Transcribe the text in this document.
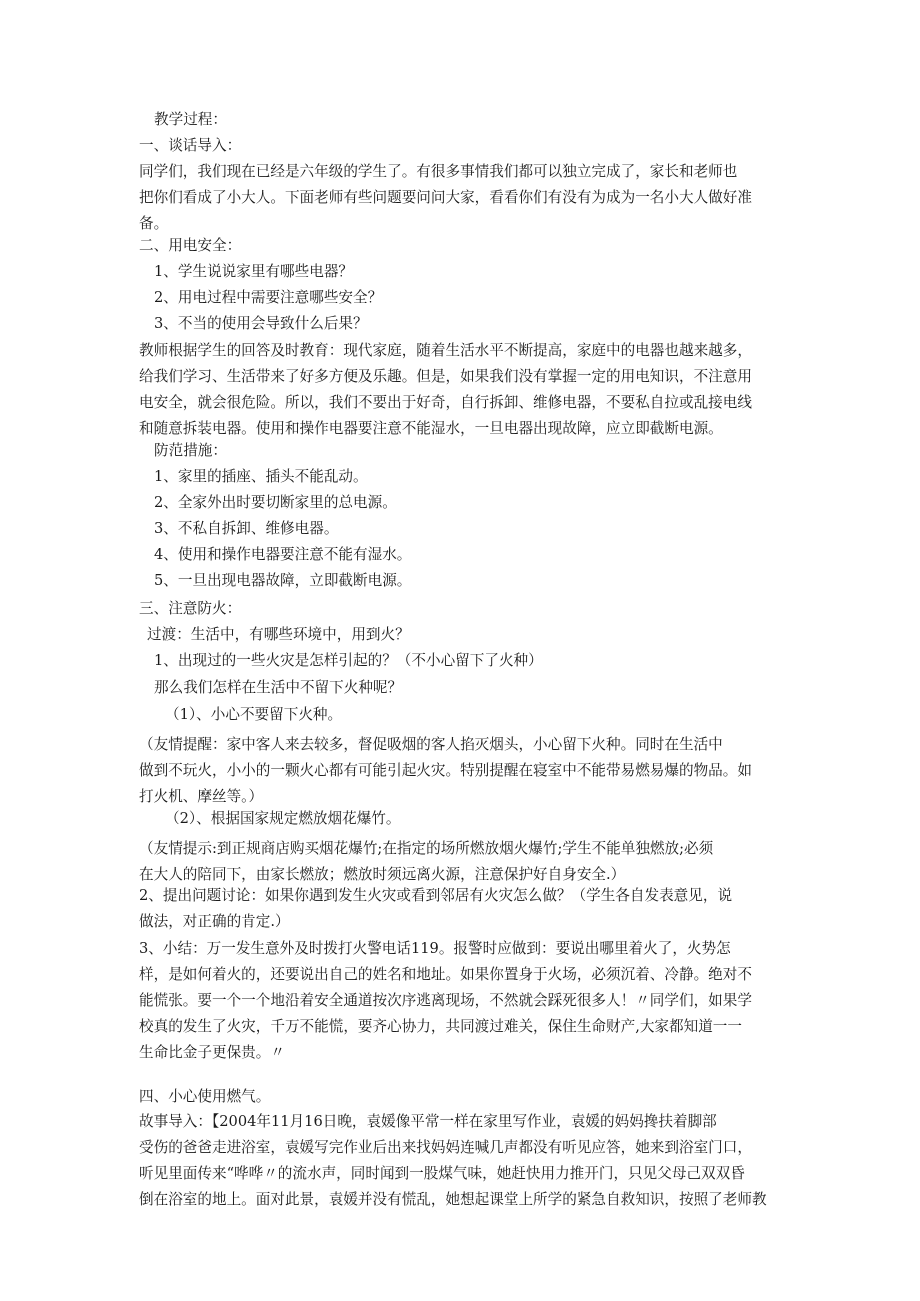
教学过程：
一、谈话导入：
同学们，我们现在已经是六年级的学生了。有很多事情我们都可以独立完成了，家长和老师也
把你们看成了小大人。下面老师有些问题要问问大家，看看你们有没有为成为一名小大人做好准
备。
二、用电安全：
1、学生说说家里有哪些电器？
2、用电过程中需要注意哪些安全？
3、不当的使用会导致什么后果？
教师根据学生的回答及时教育：现代家庭，随着生活水平不断提高，家庭中的电器也越来越多，
给我们学习、生活带来了好多方便及乐趣。但是，如果我们没有掌握一定的用电知识，不注意用
电安全，就会很危险。所以，我们不要出于好奇，自行拆卸、维修电器，不要私自拉或乱接电线
和随意拆装电器。使用和操作电器要注意不能湿水，一旦电器出现故障，应立即截断电源。
防范措施：
1、家里的插座、插头不能乱动。
2、全家外出时要切断家里的总电源。
3、不私自拆卸、维修电器。
4、使用和操作电器要注意不能有湿水。
5、一旦出现电器故障，立即截断电源。
三、注意防火：
过渡：生活中，有哪些环境中，用到火？
1、出现过的一些火灾是怎样引起的？（不小心留下了火种）
那么我们怎样在生活中不留下火种呢？
（1）、小心不要留下火种。
（友情提醒：家中客人来去较多，督促吸烟的客人掐灭烟头，小心留下火种。同时在生活中
做到不玩火，小小的一颗火心都有可能引起火灾。特别提醒在寝室中不能带易燃易爆的物品。如
打火机、摩丝等。）
（2）、根据国家规定燃放烟花爆竹。
（友情提示:到正规商店购买烟花爆竹;在指定的场所燃放烟火爆竹;学生不能单独燃放;必须
在大人的陪同下，由家长燃放；燃放时须远离火源，注意保护好自身安全.）
2、提出问题讨论：如果你遇到发生火灾或看到邻居有火灾怎么做？（学生各自发表意见，说
做法，对正确的肯定.）
3、小结：万一发生意外及时拨打火警电话119。报警时应做到：要说出哪里着火了，火势怎
样，是如何着火的，还要说出自己的姓名和地址。如果你置身于火场，必须沉着、冷静。绝对不
能慌张。要一个一个地沿着安全通道按次序逃离现场，不然就会踩死很多人！〃同学们，如果学
校真的发生了火灾，千万不能慌，要齐心协力，共同渡过难关，保住生命财产,大家都知道一一
生命比金子更保贵。〃
四、小心使用燃气。
故事导入：【2004年11月16日晚，袁媛像平常一样在家里写作业，袁媛的妈妈搀扶着脚部
受伤的爸爸走进浴室，袁媛写完作业后出来找妈妈连喊几声都没有听见应答，她来到浴室门口，
听见里面传来“哗哗〃的流水声，同时闻到一股煤气味，她赶快用力推开门，只见父母己双双昏
倒在浴室的地上。面对此景，袁媛并没有慌乱，她想起课堂上所学的紧急自救知识，按照了老师教
